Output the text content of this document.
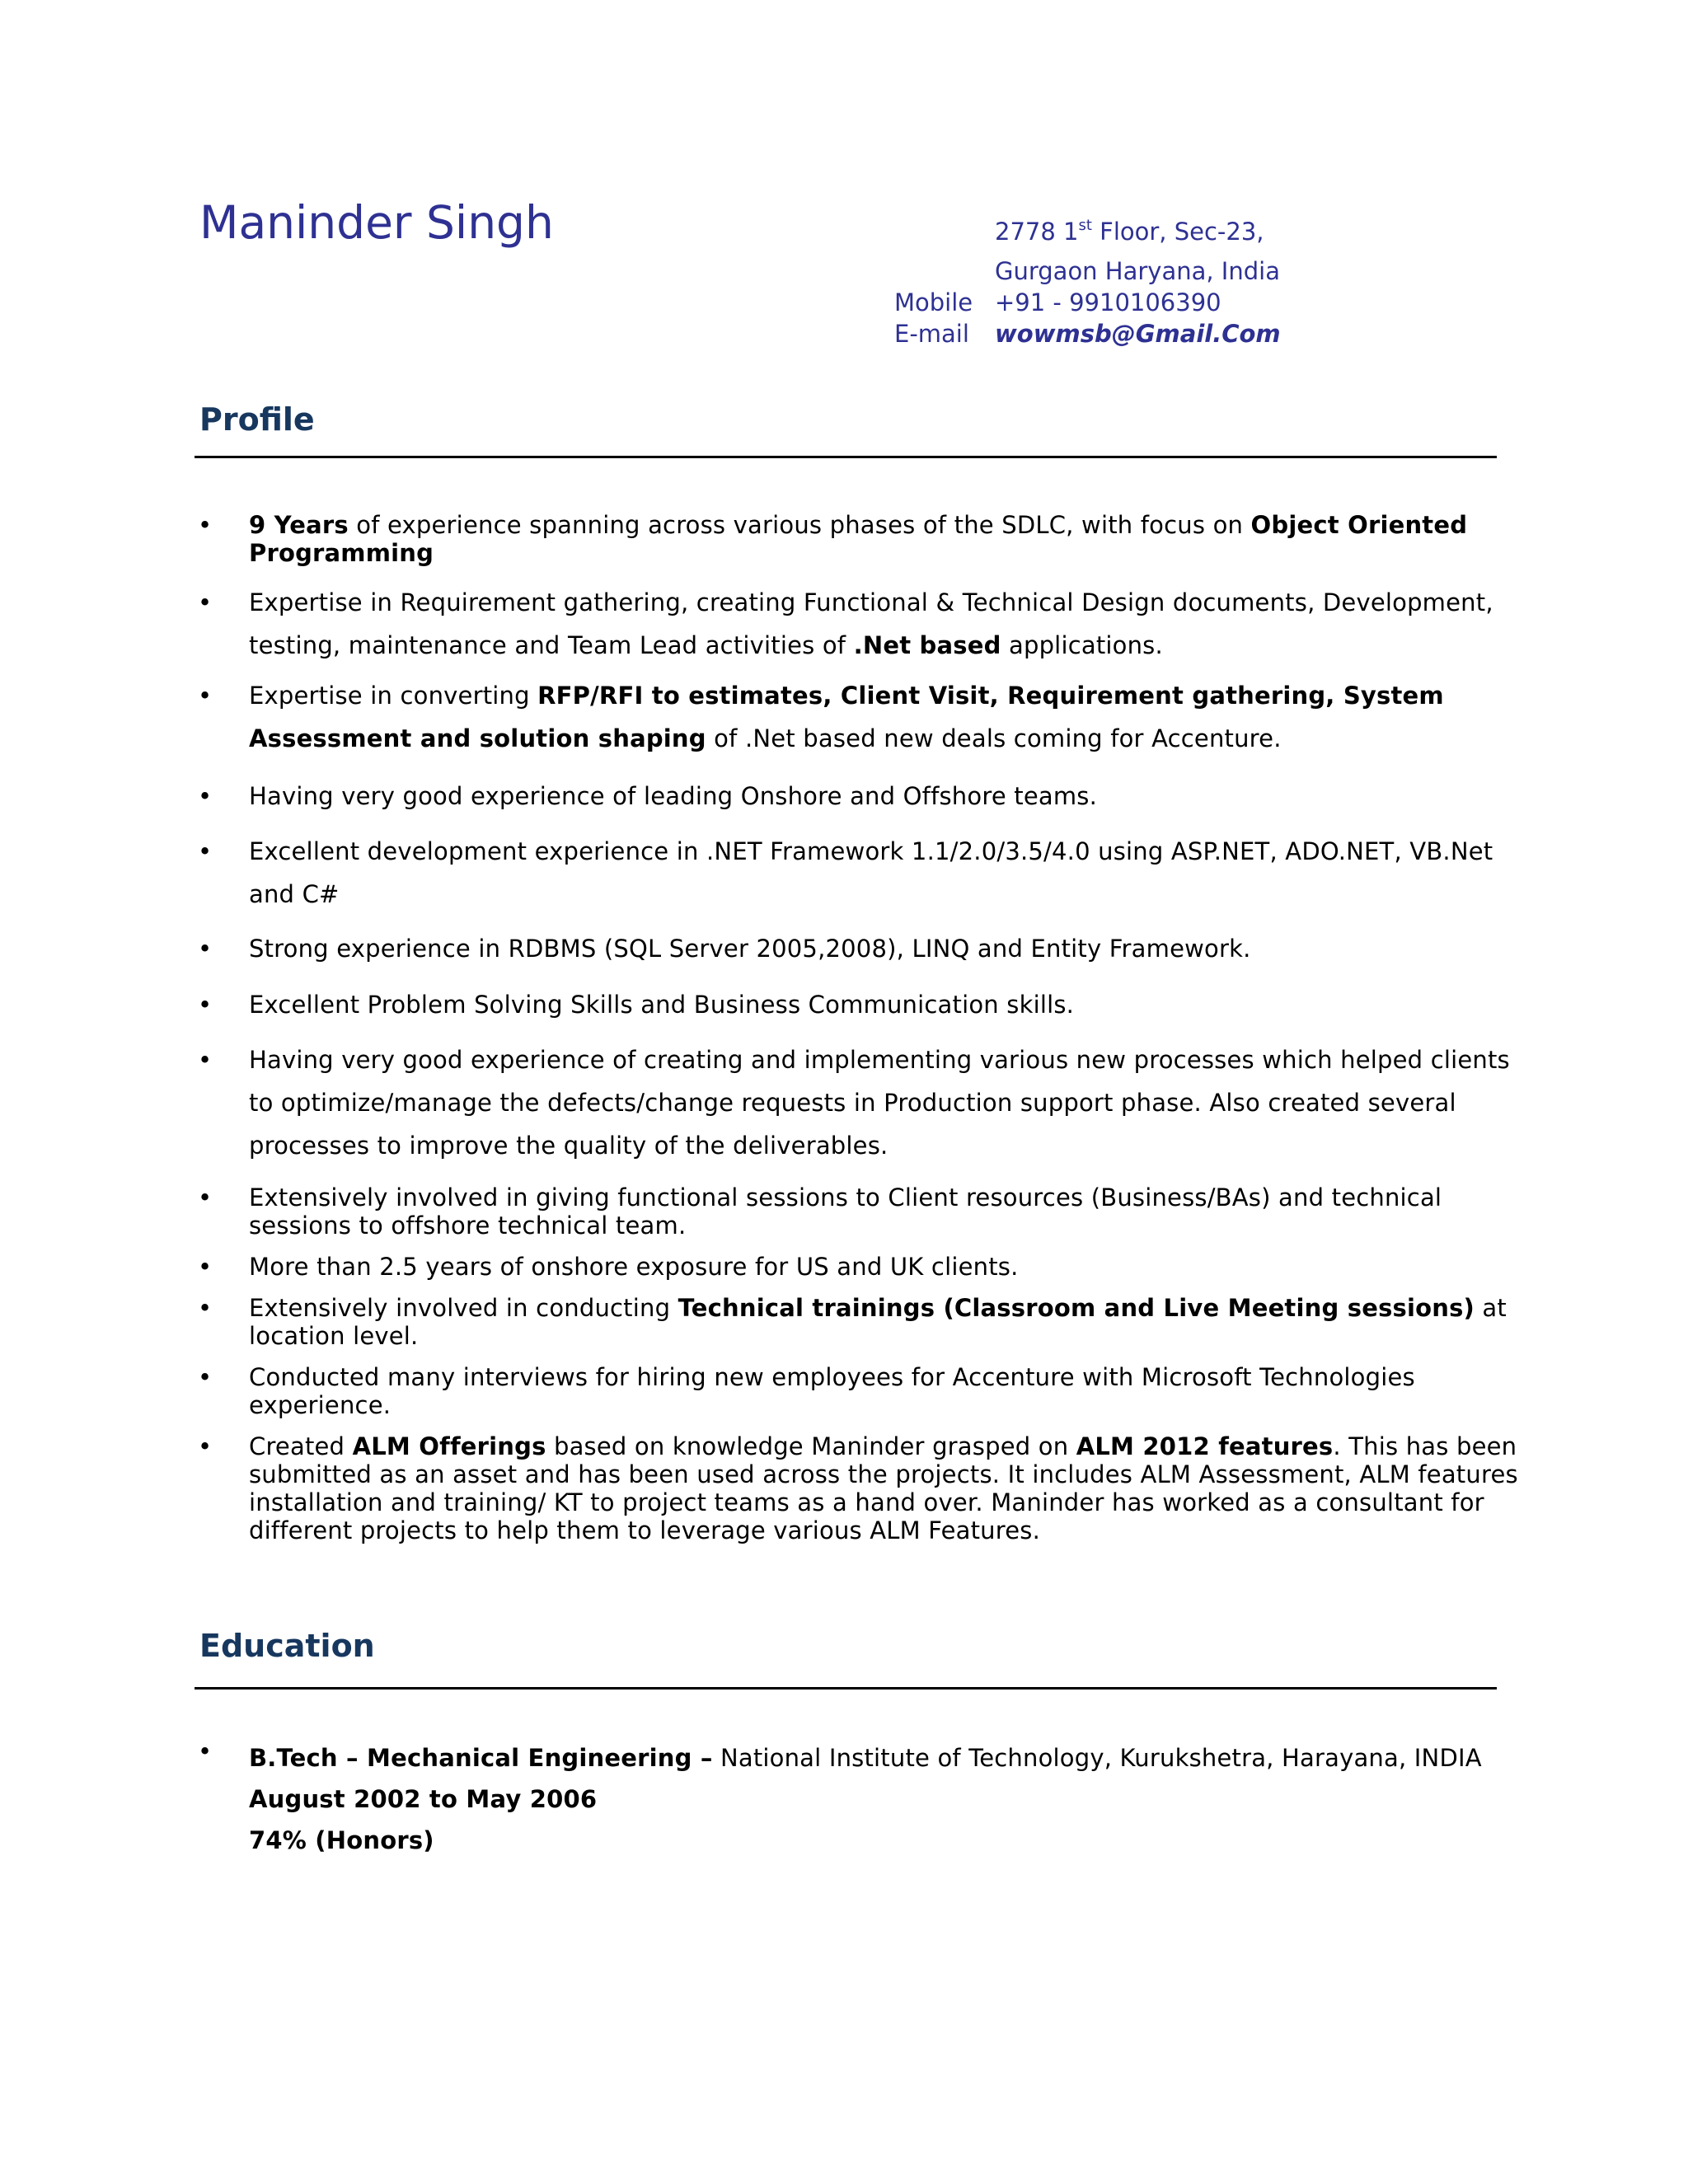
Maninder Singh	2778 1st Floor, Sec-23,
Gurgaon Haryana, India
Mobile +91 - 9910106390
E-mail wowmsb@Gmail.Com
Profile
• 9 Years of experience spanning across various phases of the SDLC, with focus on Object Oriented Programming
• Expertise in Requirement gathering, creating Functional & Technical Design documents, Development, testing, maintenance and Team Lead activities of .Net based applications.
• Expertise in converting RFP/RFI to estimates, Client Visit, Requirement gathering, System Assessment and solution shaping of .Net based new deals coming for Accenture.
• Having very good experience of leading Onshore and Offshore teams.
• Excellent development experience in .NET Framework 1.1/2.0/3.5/4.0 using ASP.NET, ADO.NET, VB.Net and C#
• Strong experience in RDBMS (SQL Server 2005,2008), LINQ and Entity Framework.
• Excellent Problem Solving Skills and Business Communication skills.
• Having very good experience of creating and implementing various new processes which helped clients to optimize/manage the defects/change requests in Production support phase. Also created several processes to improve the quality of the deliverables.
• Extensively involved in giving functional sessions to Client resources (Business/BAs) and technical sessions to offshore technical team.
• More than 2.5 years of onshore exposure for US and UK clients.
• Extensively involved in conducting Technical trainings (Classroom and Live Meeting sessions) at location level.
• Conducted many interviews for hiring new employees for Accenture with Microsoft Technologies experience.
• Created ALM Offerings based on knowledge Maninder grasped on ALM 2012 features. This has been submitted as an asset and has been used across the projects. It includes ALM Assessment, ALM features installation and training/ KT to project teams as a hand over. Maninder has worked as a consultant for different projects to help them to leverage various ALM Features.
Education
• B.Tech – Mechanical Engineering – National Institute of Technology, Kurukshetra, Harayana, INDIA
August 2002 to May 2006
74% (Honors)
